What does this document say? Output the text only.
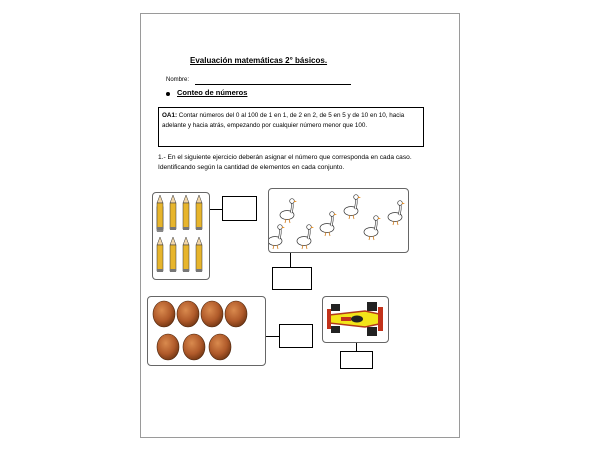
Evaluación matemáticas 2° básicos.
Nombre:
Conteo de números
OA1: Contar números del 0 al 100 de 1 en 1, de 2 en 2, de 5 en 5 y de 10 en 10, hacia adelante y hacia atrás, empezando por cualquier número menor que 100.
1.- En el siguiente ejercicio deberán asignar el número que corresponda en cada caso. Identificando según la cantidad de elementos en cada conjunto.
